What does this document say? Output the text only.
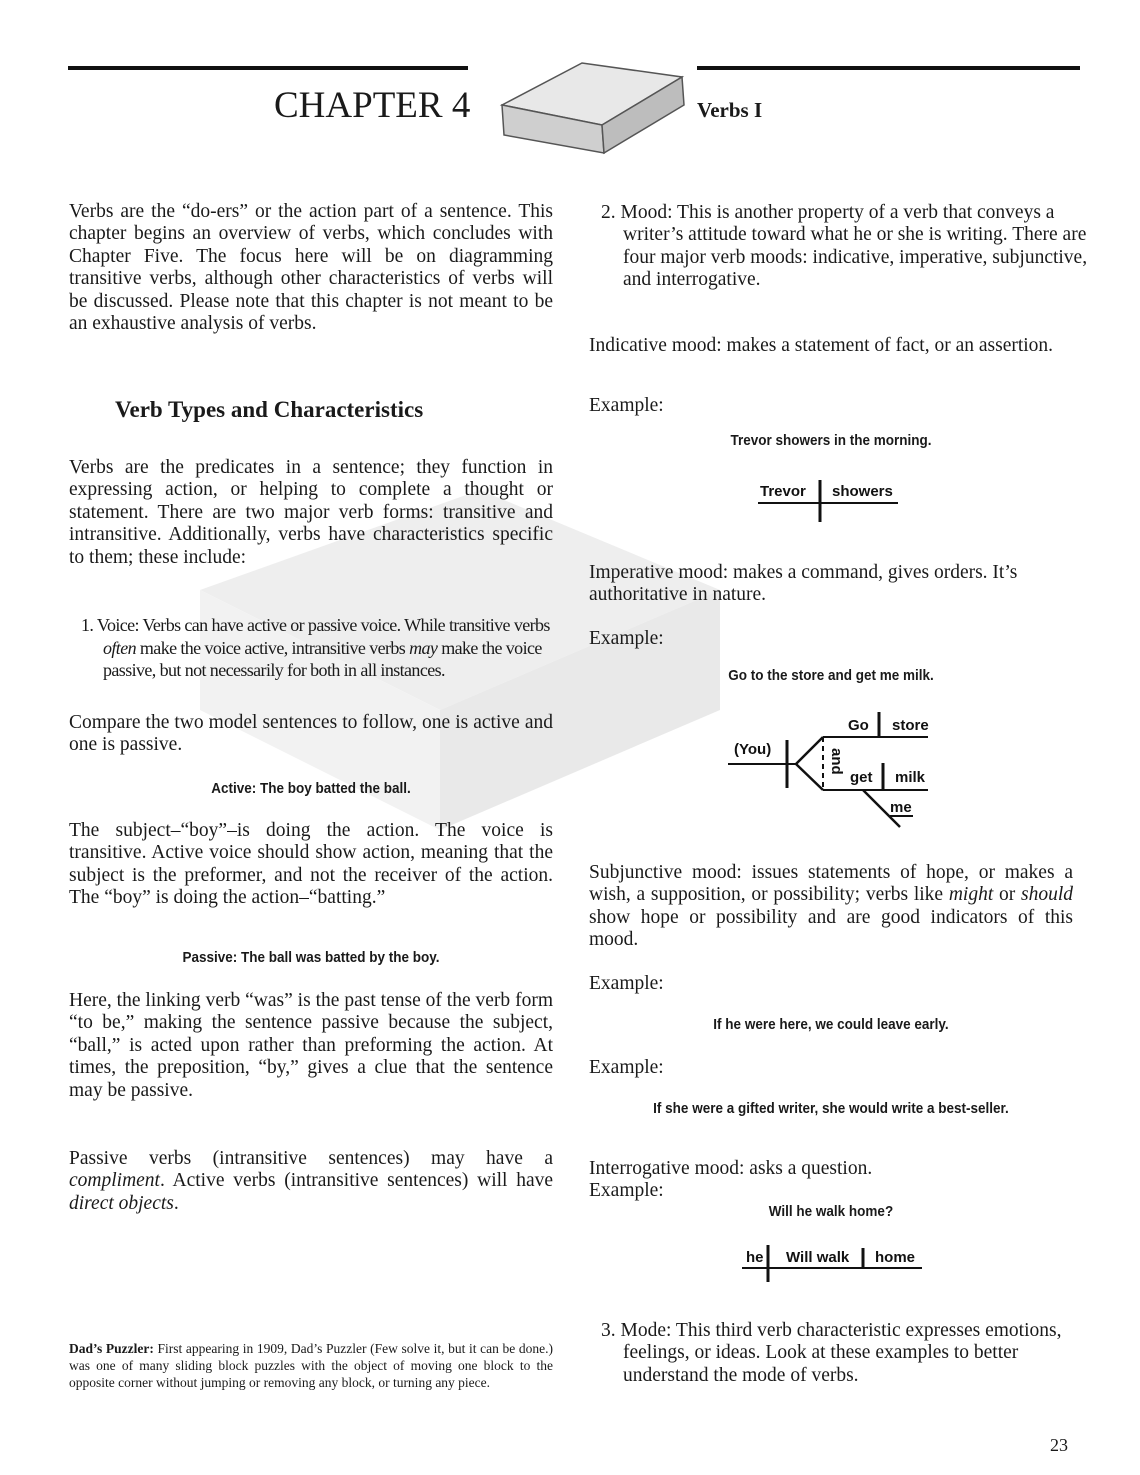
CHAPTER 4	Verbs I
Verbs are the “do-ers” or the action part of a sentence. This chapter begins an overview of verbs, which concludes with Chapter Five. The focus here will be on diagramming transitive verbs, although other characteristics of verbs will be discussed. Please note that this chapter is not meant to be an exhaustive analysis of verbs.
Verb Types and Characteristics
Verbs are the predicates in a sentence; they function in expressing action, or helping to complete a thought or statement. There are two major verb forms: transitive and intransitive. Additionally, verbs have characteristics specific to them; these include:
1. Voice: Verbs can have active or passive voice. While transitive verbs often make the voice active, intransitive verbs may make the voice passive, but not necessarily for both in all instances.
Compare the two model sentences to follow, one is active and one is passive.
Active: The boy batted the ball.
The subject–“boy”–is doing the action. The voice is transitive. Active voice should show action, meaning that the subject is the preformer, and not the receiver of the action. The “boy” is doing the action–“batting.”
Passive: The ball was batted by the boy.
Here, the linking verb “was” is the past tense of the verb form “to be,” making the sentence passive because the subject, “ball,” is acted upon rather than preforming the action. At times, the preposition, “by,” gives a clue that the sentence may be passive.
Passive verbs (intransitive sentences) may have a compliment. Active verbs (intransitive sentences) will have direct objects.
Dad’s Puzzler: First appearing in 1909, Dad’s Puzzler (Few solve it, but it can be done.) was one of many sliding block puzzles with the object of moving one block to the opposite corner without jumping or removing any block, or turning any piece.
2. Mood: This is another property of a verb that conveys a writer’s attitude toward what he or she is writing. There are four major verb moods: indicative, imperative, subjunctive, and interrogative.
Indicative mood: makes a statement of fact, or an assertion.
Example:
Trevor showers in the morning.
Trevor showers
Imperative mood: makes a command, gives orders. It’s authoritative in nature.
Example:
Go to the store and get me milk.
(You)
Go store
and
get milk
me
Subjunctive mood: issues statements of hope, or makes a wish, a supposition, or possibility; verbs like might or should show hope or possibility and are good indicators of this mood.
Example:
If he were here, we could leave early.
Example:
If she were a gifted writer, she would write a best-seller.
Interrogative mood: asks a question.
Example:
Will he walk home?
he Will walk home
3. Mode: This third verb characteristic expresses emotions, feelings, or ideas. Look at these examples to better understand the mode of verbs.
23
